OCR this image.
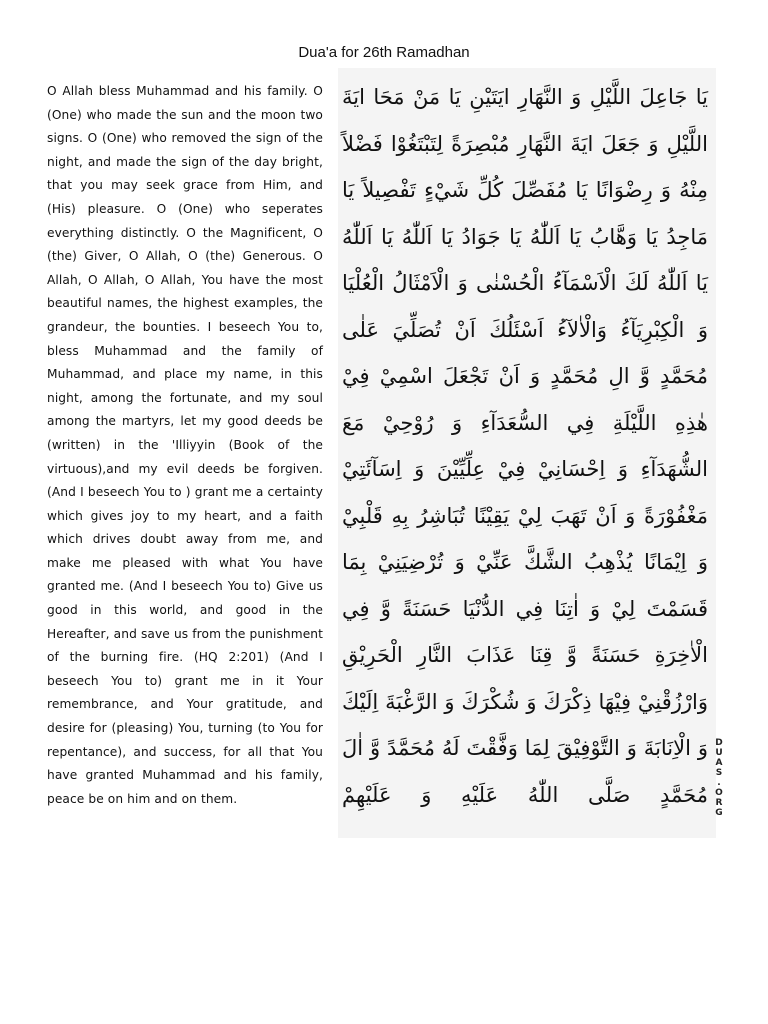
Dua'a for 26th Ramadhan
O Allah bless Muhammad and his family. O (One) who made the sun and the moon two signs. O (One) who removed the sign of the night, and made the sign of the day bright, that you may seek grace from Him, and (His) pleasure. O (One) who seperates everything distinctly. O the Magnificent, O (the) Giver, O Allah, O (the) Generous. O Allah, O Allah, O Allah, You have the most beautiful names, the highest examples, the grandeur, the bounties. I beseech You to, bless Muhammad and the family of Muhammad, and place my name, in this night, among the fortunate, and my soul among the martyrs, let my good deeds be (written) in the 'Illiyyin (Book of the virtuous),and my evil deeds be forgiven. (And I beseech You to ) grant me a certainty which gives joy to my heart, and a faith which drives doubt away from me, and make me pleased with what You have granted me. (And I beseech You to) Give us good in this world, and good in the Hereafter, and save us from the punishment of the burning fire. (HQ 2:201) (And I beseech You to) grant me in it Your remembrance, and Your gratitude, and desire for (pleasing) You, turning (to You for repentance), and success, for all that You have granted Muhammad and his family, peace be on him and on them.
يَا جَاعِلَ اللَّيْلِ وَ النَّهَارِ ايَتَيْنِ يَا مَنْ مَحَا ايَةَ اللَّيْلِ وَ جَعَلَ ايَةَ النَّهَارِ مُبْصِرَةً لِتَبْتَغُوْا فَضْلاً مِنْهُ وَ رِضْوَانًا يَا مُفَصِّلَ كُلِّ شَيْءٍ تَفْصِيلاً يَا مَاجِدُ يَا وَهَّابُ يَا اَللّٰهُ يَا جَوَادُ يَا اَللّٰهُ يَا اَللّٰهُ يَا اَللّٰهُ لَكَ الْاَسْمَآءُ الْحُسْنٰى وَ الْاَمْثَالُ الْعُلْيَا وَ الْكِبْرِيَآءُ وَالْاٰلآءُ اَسْئَلُكَ اَنْ تُصَلِّيَ عَلٰى مُحَمَّدٍ وَّ الِ مُحَمَّدٍ وَ اَنْ تَجْعَلَ اسْمِيْ فِيْ هٰذِهِ اللَّيْلَةِ فِي السُّعَدَآءِ وَ رُوْحِيْ مَعَ الشُّهَدَآءِ وَ اِحْسَانِيْ فِيْ عِلِّيِّيْنَ وَ اِسَآئَتِيْ مَغْفُوْرَةً وَ اَنْ تَهَبَ لِيْ يَقِيْنًا تُبَاشِرُ بِهِ قَلْبِيْ وَ اِيْمَانًا يُذْهِبُ الشَّكَّ عَنِّيْ وَ تُرْضِيَنِيْ بِمَا قَسَمْتَ لِيْ وَ اٰتِنَا فِي الدُّنْيَا حَسَنَةً وَّ فِي الْاٰخِرَةِ حَسَنَةً وَّ قِنَا عَذَابَ النَّارِ الْحَرِيْقِ وَارْزُقْنِيْ فِيْهَا ذِكْرَكَ وَ شُكْرَكَ وَ الرَّغْبَةَ اِلَيْكَ وَ الْاِنَابَةَ وَ التَّوْفِيْقَ لِمَا وَفَّقْتَ لَهُ مُحَمَّدً وَّ اٰلَ مُحَمَّدٍ صَلَّى اللّٰهُ عَلَيْهِ وَ عَلَيْهِمْ
D
U
A
S
.
O
R
G
